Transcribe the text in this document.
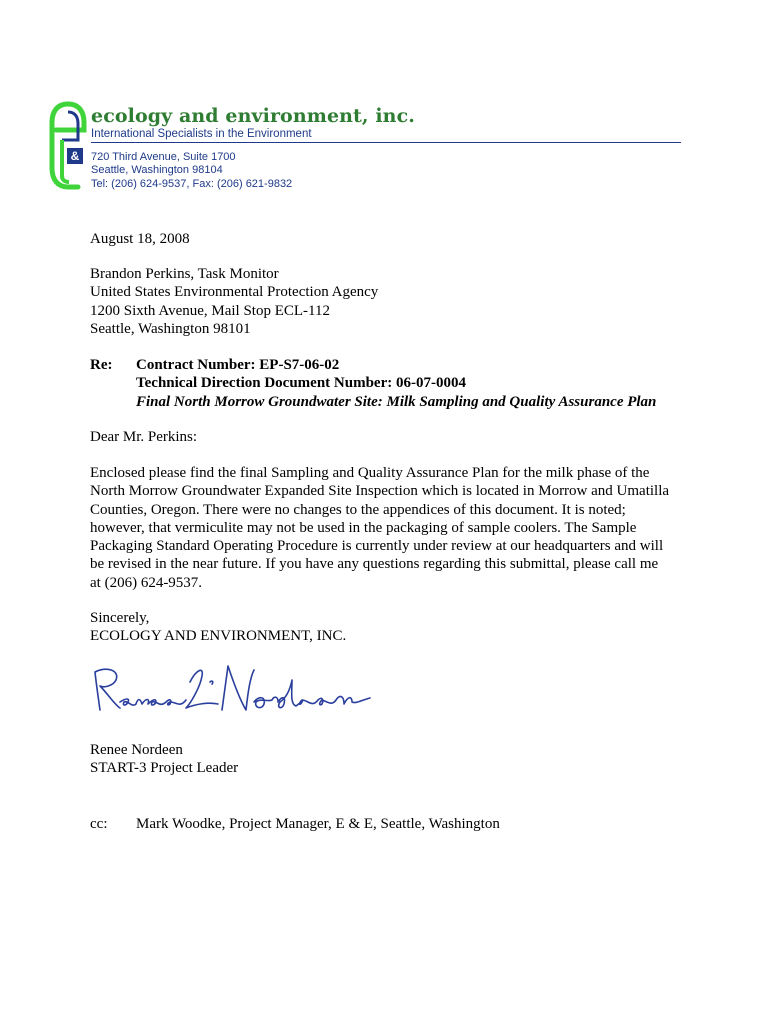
&
ecology and environment, inc.
International Specialists in the Environment
720 Third Avenue, Suite 1700
Seattle, Washington 98104
Tel: (206) 624-9537, Fax: (206) 621-9832
August 18, 2008
Brandon Perkins, Task Monitor
United States Environmental Protection Agency
1200 Sixth Avenue, Mail Stop ECL-112
Seattle, Washington 98101
Re: Contract Number: EP-S7-06-02
Technical Direction Document Number: 06-07-0004
Final North Morrow Groundwater Site: Milk Sampling and Quality Assurance Plan
Dear Mr. Perkins:
Enclosed please find the final Sampling and Quality Assurance Plan for the milk phase of the
North Morrow Groundwater Expanded Site Inspection which is located in Morrow and Umatilla
Counties, Oregon. There were no changes to the appendices of this document. It is noted;
however, that vermiculite may not be used in the packaging of sample coolers. The Sample
Packaging Standard Operating Procedure is currently under review at our headquarters and will
be revised in the near future. If you have any questions regarding this submittal, please call me
at (206) 624-9537.
Sincerely,
ECOLOGY AND ENVIRONMENT, INC.
Renee Nordeen
START-3 Project Leader
cc: Mark Woodke, Project Manager, E & E, Seattle, Washington
